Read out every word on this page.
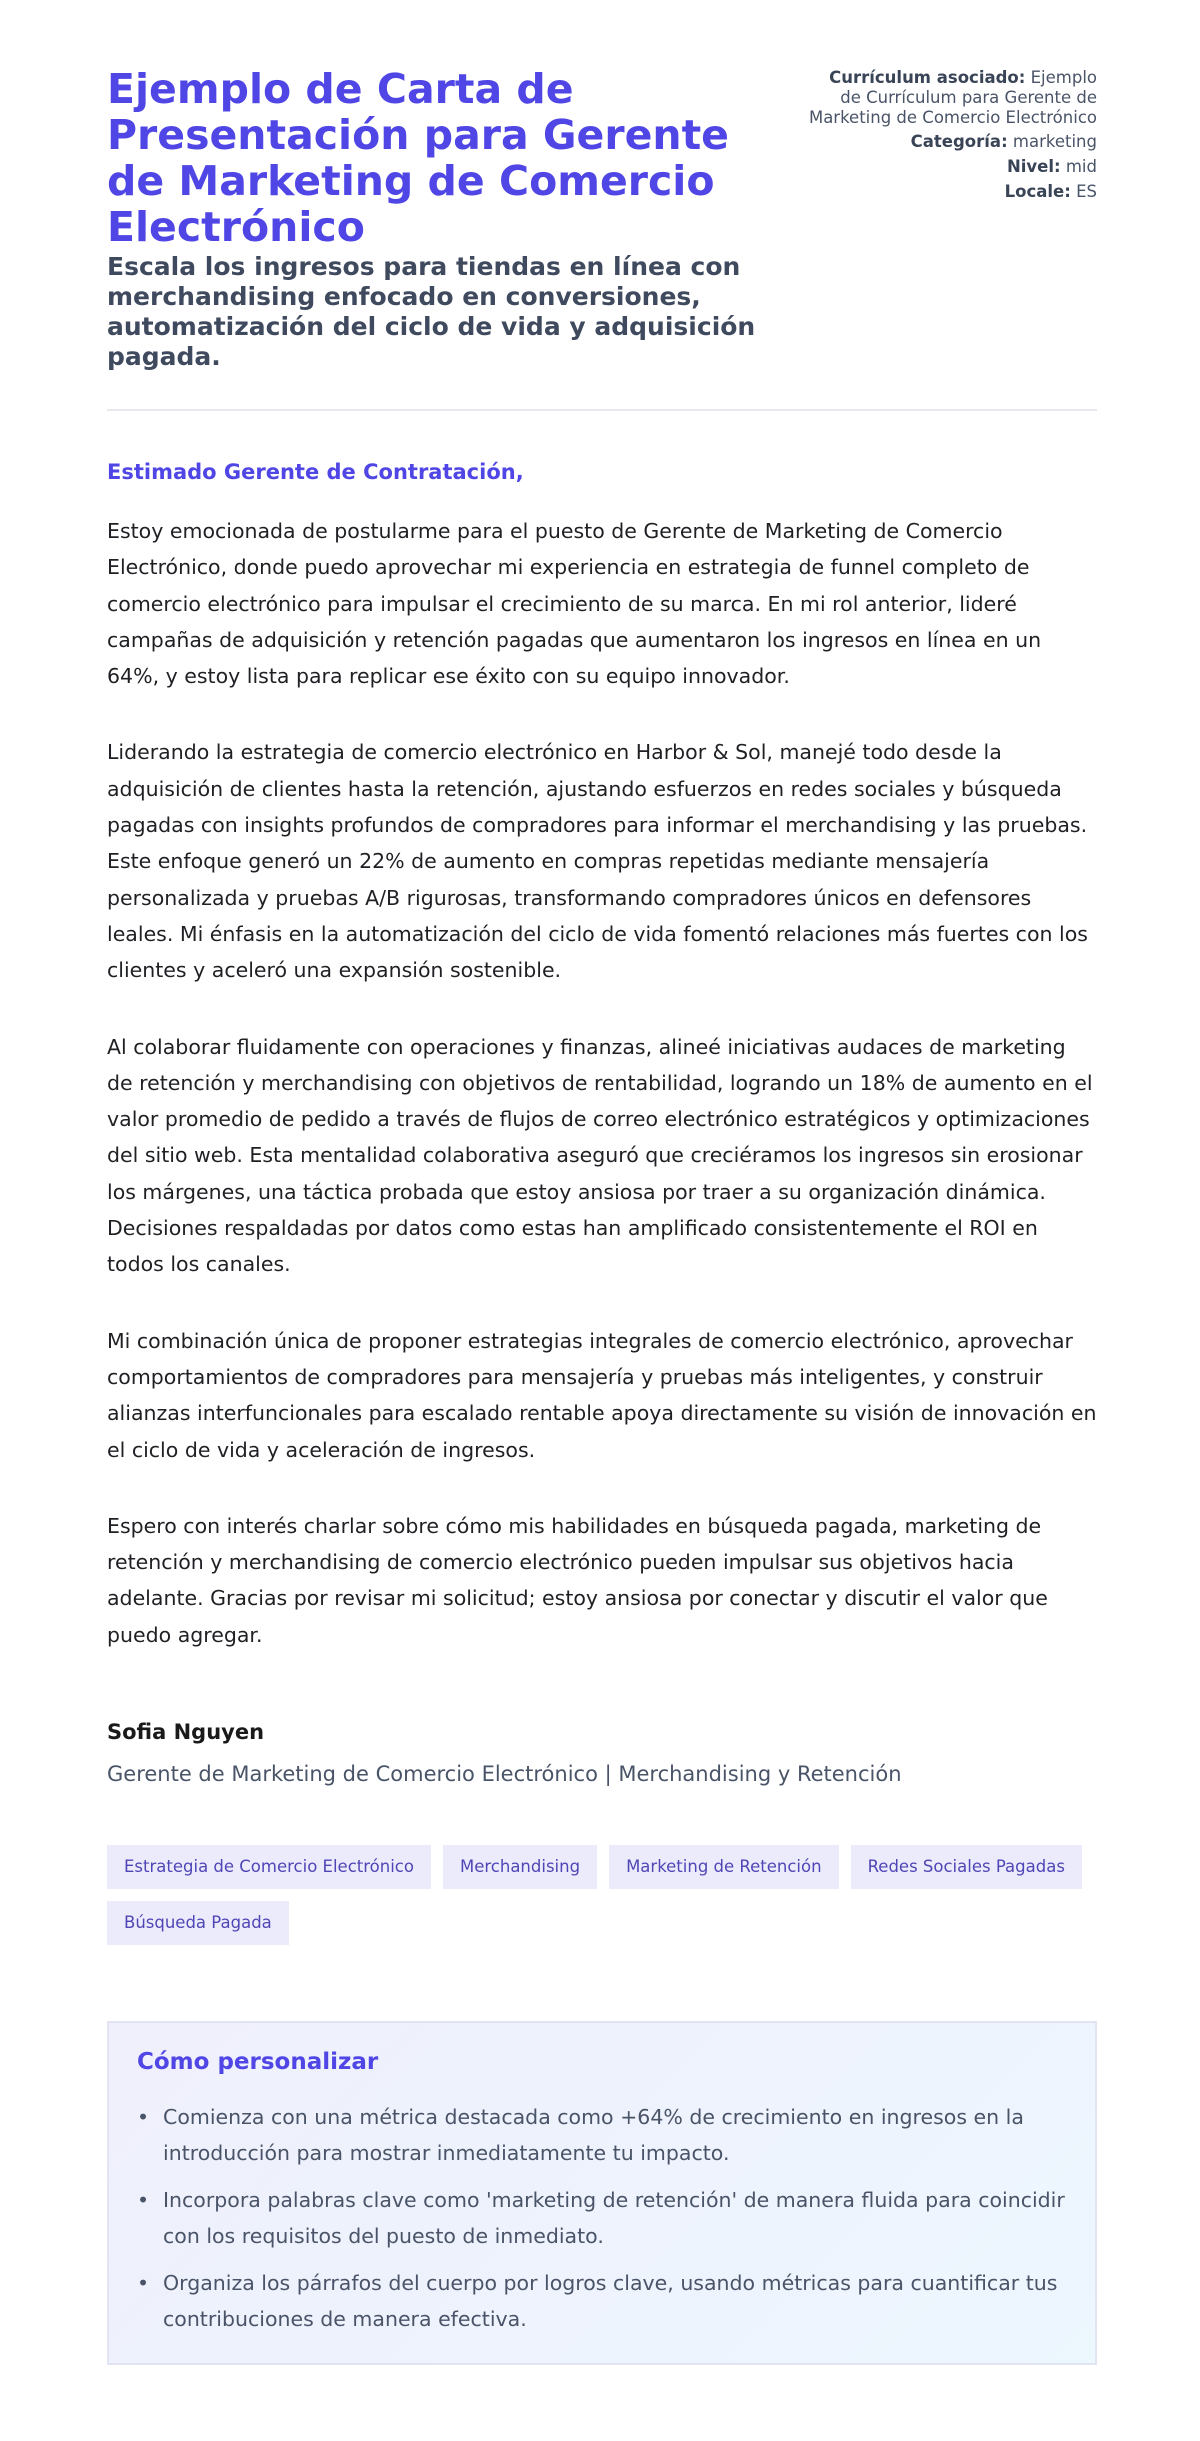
Ejemplo de Carta de Presentación para Gerente de Marketing de Comercio Electrónico

Escala los ingresos para tiendas en línea con merchandising enfocado en conversiones, automatización del ciclo de vida y adquisición pagada.

Currículum asociado: Ejemplo de Currículum para Gerente de Marketing de Comercio Electrónico
Categoría: marketing
Nivel: mid
Locale: ES
Estimado Gerente de Contratación,

Estoy emocionada de postularme para el puesto de Gerente de Marketing de Comercio Electrónico, donde puedo aprovechar mi experiencia en estrategia de funnel completo de comercio electrónico para impulsar el crecimiento de su marca. En mi rol anterior, lideré campañas de adquisición y retención pagadas que aumentaron los ingresos en línea en un 64%, y estoy lista para replicar ese éxito con su equipo innovador.

Liderando la estrategia de comercio electrónico en Harbor & Sol, manejé todo desde la adquisición de clientes hasta la retención, ajustando esfuerzos en redes sociales y búsqueda pagadas con insights profundos de compradores para informar el merchandising y las pruebas. Este enfoque generó un 22% de aumento en compras repetidas mediante mensajería personalizada y pruebas A/B rigurosas, transformando compradores únicos en defensores leales. Mi énfasis en la automatización del ciclo de vida fomentó relaciones más fuertes con los clientes y aceleró una expansión sostenible.

Al colaborar fluidamente con operaciones y finanzas, alineé iniciativas audaces de marketing de retención y merchandising con objetivos de rentabilidad, logrando un 18% de aumento en el valor promedio de pedido a través de flujos de correo electrónico estratégicos y optimizaciones del sitio web. Esta mentalidad colaborativa aseguró que creciéramos los ingresos sin erosionar los márgenes, una táctica probada que estoy ansiosa por traer a su organización dinámica. Decisiones respaldadas por datos como estas han amplificado consistentemente el ROI en todos los canales.

Mi combinación única de proponer estrategias integrales de comercio electrónico, aprovechar comportamientos de compradores para mensajería y pruebas más inteligentes, y construir alianzas interfuncionales para escalado rentable apoya directamente su visión de innovación en el ciclo de vida y aceleración de ingresos.

Espero con interés charlar sobre cómo mis habilidades en búsqueda pagada, marketing de retención y merchandising de comercio electrónico pueden impulsar sus objetivos hacia adelante. Gracias por revisar mi solicitud; estoy ansiosa por conectar y discutir el valor que puedo agregar.

Sofia Nguyen

Gerente de Marketing de Comercio Electrónico | Merchandising y Retención

Estrategia de Comercio Electrónico	Merchandising	Marketing de Retención	Redes Sociales Pagadas
Búsqueda Pagada
Cómo personalizar
• Comienza con una métrica destacada como +64% de crecimiento en ingresos en la introducción para mostrar inmediatamente tu impacto.
• Incorpora palabras clave como 'marketing de retención' de manera fluida para coincidir con los requisitos del puesto de inmediato.
• Organiza los párrafos del cuerpo por logros clave, usando métricas para cuantificar tus contribuciones de manera efectiva.
